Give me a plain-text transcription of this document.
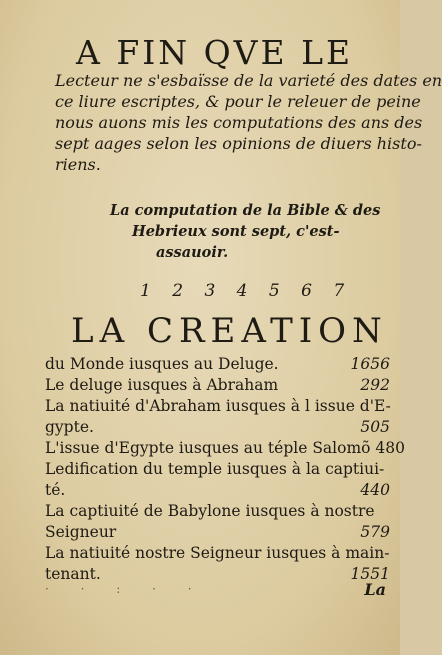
A FIN QVE LE
Lecteur ne s'esbaïsse de la varieté des dates en
ce liure escriptes, & pour le releuer de peine
nous auons mis les computations des ans des
sept aages selon les opinions de diuers histo-
riens.
La computation de la Bible & des
Hebrieux sont sept, c'est-
assauoir.
1 2 3 4 5 6 7
LA CREATION
du Monde iusques au Deluge.	1656
Le deluge iusques à Abraham	292
La natiuité d'Abraham iusques à l issue d'E-
gypte.	505
L'issue d'Egypte iusques au téple Salomõ 480
Ledification du temple iusques à la captiui-
té.	440
La captiuité de Babylone iusques à nostre
Seigneur	579
La natiuité nostre Seigneur iusques à main-
tenant.	1551
· · : · ·	La
